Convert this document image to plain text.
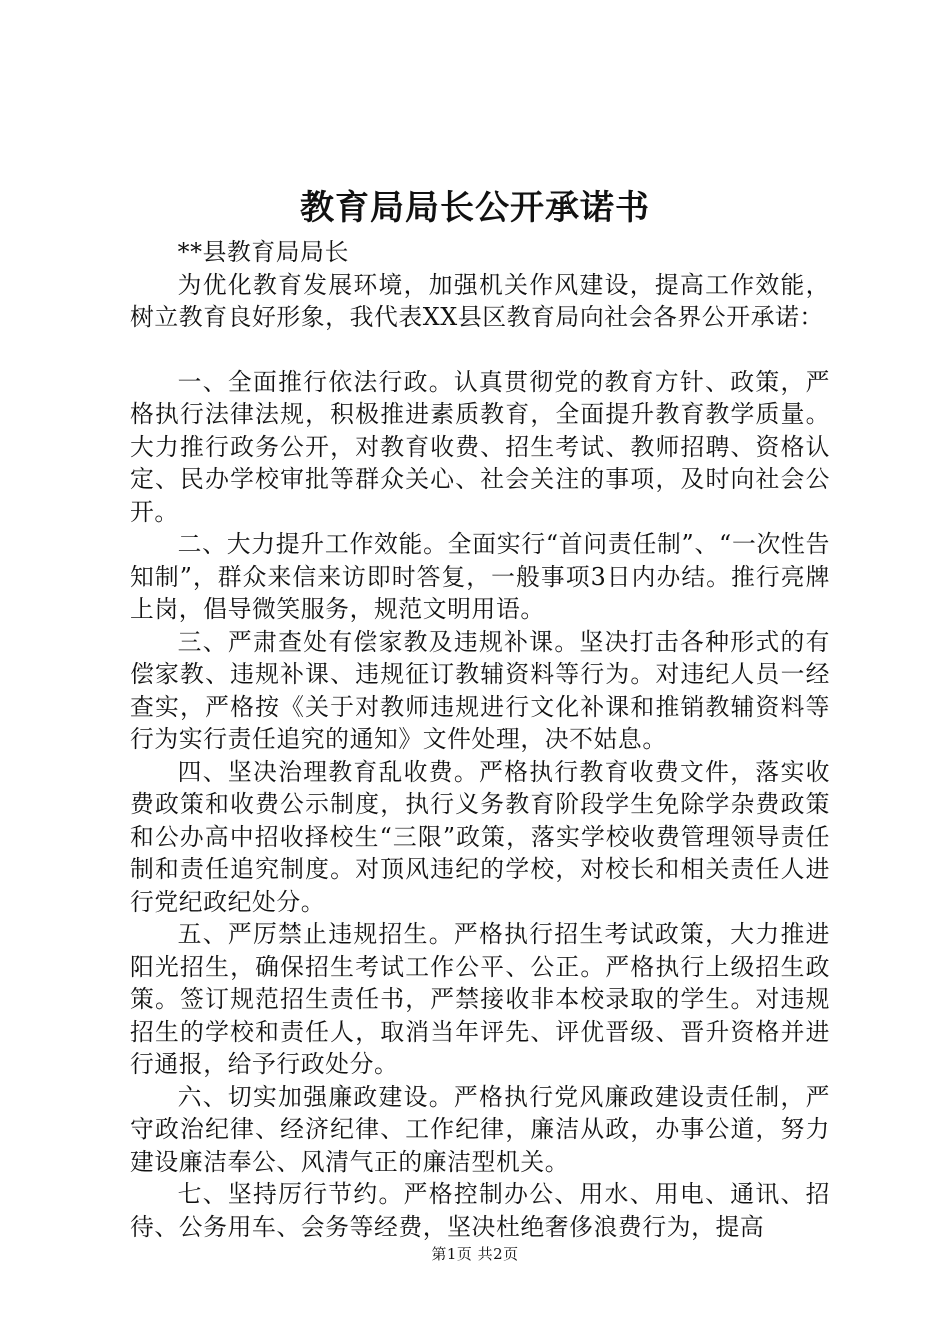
教育局局长公开承诺书

**县教育局局长

为优化教育发展环境，加强机关作风建设，提高工作效能，树立教育良好形象，我代表XX县区教育局向社会各界公开承诺：

一、全面推行依法行政。认真贯彻党的教育方针、政策，严格执行法律法规，积极推进素质教育，全面提升教育教学质量。大力推行政务公开，对教育收费、招生考试、教师招聘、资格认定、民办学校审批等群众关心、社会关注的事项，及时向社会公开。

二、大力提升工作效能。全面实行“首问责任制”、“一次性告知制”，群众来信来访即时答复，一般事项3日内办结。推行亮牌上岗，倡导微笑服务，规范文明用语。

三、严肃查处有偿家教及违规补课。坚决打击各种形式的有偿家教、违规补课、违规征订教辅资料等行为。对违纪人员一经查实，严格按《关于对教师违规进行文化补课和推销教辅资料等行为实行责任追究的通知》文件处理，决不姑息。

四、坚决治理教育乱收费。严格执行教育收费文件，落实收费政策和收费公示制度，执行义务教育阶段学生免除学杂费政策和公办高中招收择校生“三限”政策，落实学校收费管理领导责任制和责任追究制度。对顶风违纪的学校，对校长和相关责任人进行党纪政纪处分。

五、严厉禁止违规招生。严格执行招生考试政策，大力推进阳光招生，确保招生考试工作公平、公正。严格执行上级招生政策。签订规范招生责任书，严禁接收非本校录取的学生。对违规招生的学校和责任人，取消当年评先、评优晋级、晋升资格并进行通报，给予行政处分。

六、切实加强廉政建设。严格执行党风廉政建设责任制，严守政治纪律、经济纪律、工作纪律，廉洁从政，办事公道，努力建设廉洁奉公、风清气正的廉洁型机关。

七、坚持厉行节约。严格控制办公、用水、用电、通讯、招待、公务用车、会务等经费，坚决杜绝奢侈浪费行为，提高

第1页 共2页
